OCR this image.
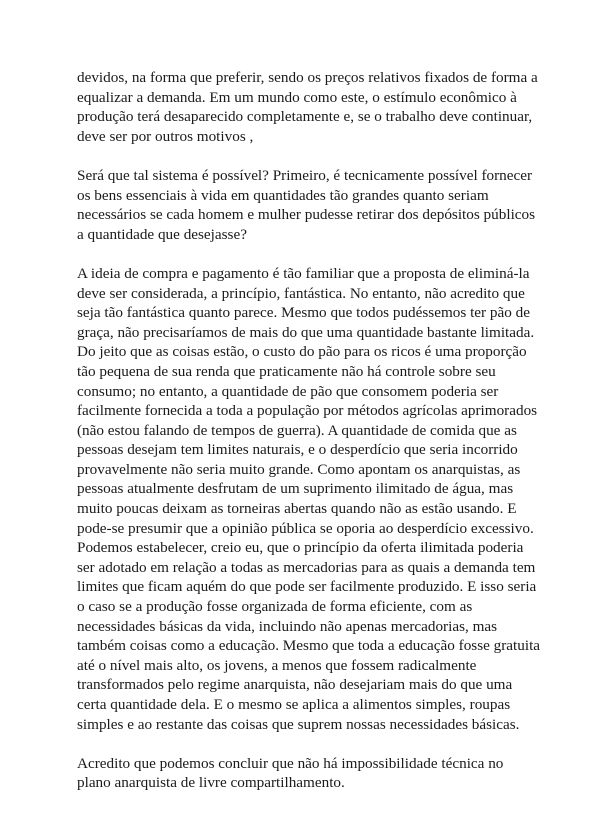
devidos, na forma que preferir, sendo os preços relativos fixados de forma a
equalizar a demanda. Em um mundo como este, o estímulo econômico à
produção terá desaparecido completamente e, se o trabalho deve continuar,
deve ser por outros motivos ,

Será que tal sistema é possível? Primeiro, é tecnicamente possível fornecer
os bens essenciais à vida em quantidades tão grandes quanto seriam
necessários se cada homem e mulher pudesse retirar dos depósitos públicos
a quantidade que desejasse?

A ideia de compra e pagamento é tão familiar que a proposta de eliminá-la
deve ser considerada, a princípio, fantástica. No entanto, não acredito que
seja tão fantástica quanto parece. Mesmo que todos pudéssemos ter pão de
graça, não precisaríamos de mais do que uma quantidade bastante limitada.
Do jeito que as coisas estão, o custo do pão para os ricos é uma proporção
tão pequena de sua renda que praticamente não há controle sobre seu
consumo; no entanto, a quantidade de pão que consomem poderia ser
facilmente fornecida a toda a população por métodos agrícolas aprimorados
(não estou falando de tempos de guerra). A quantidade de comida que as
pessoas desejam tem limites naturais, e o desperdício que seria incorrido
provavelmente não seria muito grande. Como apontam os anarquistas, as
pessoas atualmente desfrutam de um suprimento ilimitado de água, mas
muito poucas deixam as torneiras abertas quando não as estão usando. E
pode-se presumir que a opinião pública se oporia ao desperdício excessivo.
Podemos estabelecer, creio eu, que o princípio da oferta ilimitada poderia
ser adotado em relação a todas as mercadorias para as quais a demanda tem
limites que ficam aquém do que pode ser facilmente produzido. E isso seria
o caso se a produção fosse organizada de forma eficiente, com as
necessidades básicas da vida, incluindo não apenas mercadorias, mas
também coisas como a educação. Mesmo que toda a educação fosse gratuita
até o nível mais alto, os jovens, a menos que fossem radicalmente
transformados pelo regime anarquista, não desejariam mais do que uma
certa quantidade dela. E o mesmo se aplica a alimentos simples, roupas
simples e ao restante das coisas que suprem nossas necessidades básicas.

Acredito que podemos concluir que não há impossibilidade técnica no
plano anarquista de livre compartilhamento.
